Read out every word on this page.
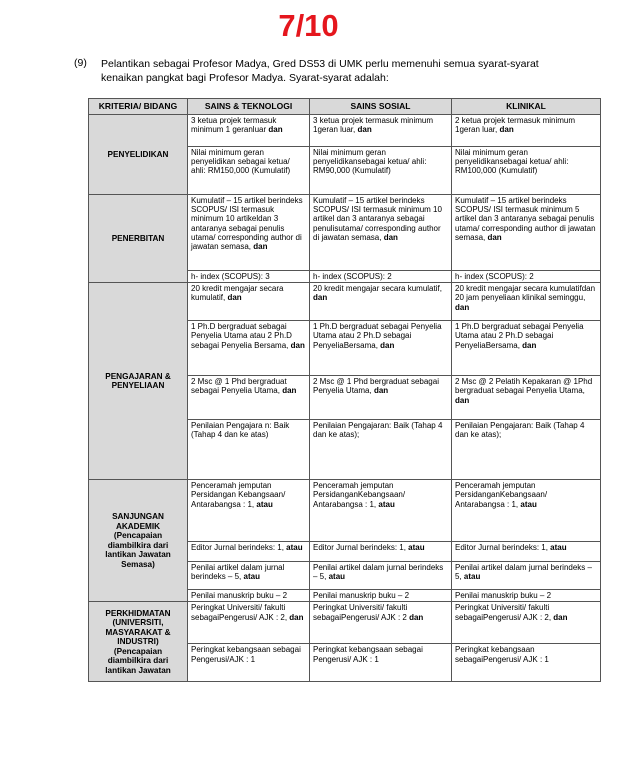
7/10
(9) Pelantikan sebagai Profesor Madya, Gred DS53 di UMK perlu memenuhi semua syarat-syarat kenaikan pangkat bagi Profesor Madya. Syarat-syarat adalah:
KRITERIA/ BIDANG	SAINS & TEKNOLOGI	SAINS SOSIAL	KLINIKAL
PENYELIDIKAN	3 ketua projek termasuk minimum 1 geranluar dan	3 ketua projek termasuk minimum 1geran luar, dan	2 ketua projek termasuk minimum 1geran luar, dan
	Nilai minimum geran penyelidikan sebagai ketua/ ahli: RM150,000 (Kumulatif)	Nilai minimum geran penyelidikansebagai ketua/ ahli: RM90,000 (Kumulatif)	Nilai minimum geran penyelidikansebagai ketua/ ahli: RM100,000 (Kumulatif)
PENERBITAN	Kumulatif – 15 artikel berindeks SCOPUS/ ISI termasuk minimum 10 artikeldan 3 antaranya sebagai penulis utama/ corresponding author di jawatan semasa, dan	Kumulatif – 15 artikel berindeks SCOPUS/ ISI termasuk minimum 10 artikel dan 3 antaranya sebagai penulisutama/ corresponding author di jawatan semasa, dan	Kumulatif – 15 artikel berindeks SCOPUS/ ISI termasuk minimum 5 artikel dan 3 antaranya sebagai penulis utama/ corresponding author di jawatan semasa, dan
	h- index (SCOPUS): 3	h- index (SCOPUS): 2	h- index (SCOPUS): 2

PENGAJARAN &
PENYELIAAN	20 kredit mengajar secara kumulatif, dan	20 kredit mengajar secara kumulatif, dan	20 kredit mengajar secara kumulatifdan 20 jam penyeliaan klinikal seminggu, dan
	1 Ph.D bergraduat sebagai Penyelia Utama atau 2 Ph.D sebagai Penyelia Bersama, dan	1 Ph.D bergraduat sebagai Penyelia Utama atau 2 Ph.D sebagai PenyeliaBersama, dan	1 Ph.D bergraduat sebagai Penyelia Utama atau 2 Ph.D sebagai PenyeliaBersama, dan
	2 Msc @ 1 Phd bergraduat sebagai Penyelia Utama, dan	2 Msc @ 1 Phd bergraduat sebagai Penyelia Utama, dan	2 Msc @ 2 Pelatih Kepakaran @ 1Phd bergraduat sebagai Penyelia Utama, dan
	Penilaian Pengajara n: Baik (Tahap 4 dan ke atas)	Penilaian Pengajaran: Baik (Tahap 4 dan ke atas);	Penilaian Pengajaran: Baik (Tahap 4 dan ke atas);

SANJUNGAN AKADEMIK
(Pencapaian diambilkira dari lantikan Jawatan Semasa)	Penceramah jemputan Persidangan Kebangsaan/ Antarabangsa : 1, atau	Penceramah jemputan PersidanganKebangsaan/ Antarabangsa : 1, atau	Penceramah jemputan PersidanganKebangsaan/ Antarabangsa : 1, atau
	Editor Jurnal berindeks: 1, atau	Editor Jurnal berindeks: 1, atau	Editor Jurnal berindeks: 1, atau
	Penilai artikel dalam jurnal berindeks – 5, atau	Penilai artikel dalam jurnal berindeks – 5, atau	Penilai artikel dalam jurnal berindeks – 5, atau
	Penilai manuskrip buku – 2	Penilai manuskrip buku – 2	Penilai manuskrip buku – 2

PERKHIDMATAN (UNIVERSITI, MASYARAKAT & INDUSTRI)
(Pencapaian diambilkira dari lantikan Jawatan	Peringkat Universiti/ fakulti sebagaiPengerusi/ AJK : 2, dan	Peringkat Universiti/ fakulti sebagaiPengerusi/ AJK : 2 dan	Peringkat Universiti/ fakulti sebagaiPengerusi/ AJK : 2, dan
	Peringkat kebangsaan sebagai Pengerusi/AJK : 1	Peringkat kebangsaan sebagai Pengerusi/ AJK : 1	Peringkat kebangsaan sebagaiPengerusi/ AJK : 1
